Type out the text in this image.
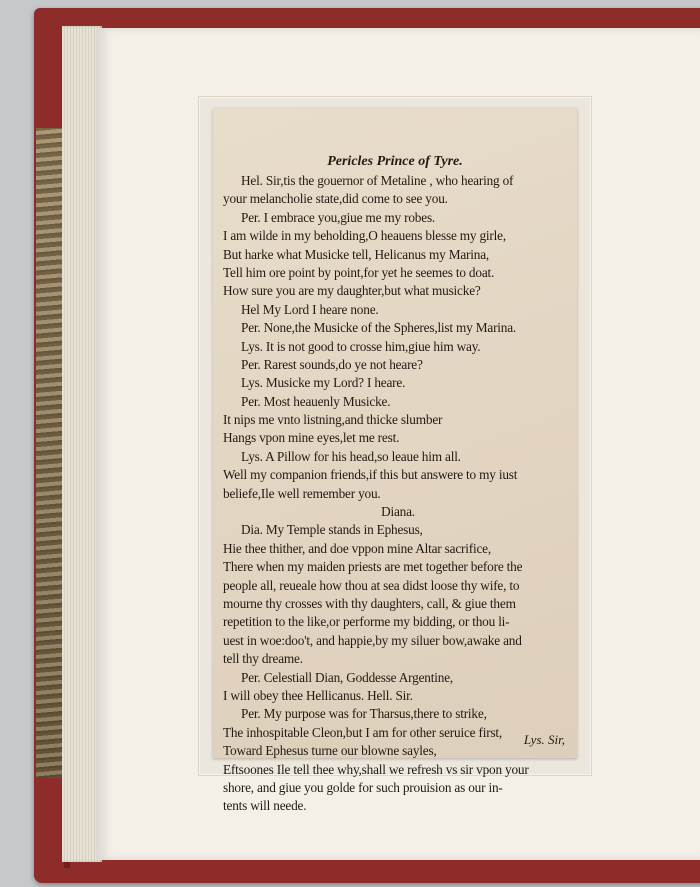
Pericles Prince of Tyre.
Hel. Sir,tis the gouernor of Metaline , who hearing of
your melancholie state,did come to see you.
Per. I embrace you,giue me my robes.
I am wilde in my beholding,O heauens blesse my girle,
But harke what Musicke tell, Helicanus my Marina,
Tell him ore point by point,for yet he seemes to doat.
How sure you are my daughter,but what musicke?
Hel My Lord I heare none.
Per. None,the Musicke of the Spheres,list my Marina.
Lys. It is not good to crosse him,giue him way.
Per. Rarest sounds,do ye not heare?
Lys. Musicke my Lord? I heare.
Per. Most heauenly Musicke.
It nips me vnto listning,and thicke slumber
Hangs vpon mine eyes,let me rest.
Lys. A Pillow for his head,so leaue him all.
Well my companion friends,if this but answere to my iust
beliefe,Ile well remember you.
Diana.
Dia. My Temple stands in Ephesus,
Hie thee thither, and doe vppon mine Altar sacrifice,
There when my maiden priests are met together before the
people all, reueale how thou at sea didst loose thy wife, to
mourne thy crosses with thy daughters, call, & giue them
repetition to the like,or performe my bidding, or thou li-
uest in woe:doo't, and happie,by my siluer bow,awake and
tell thy dreame.
Per. Celestiall Dian, Goddesse Argentine,
I will obey thee Hellicanus. Hell. Sir.
Per. My purpose was for Tharsus,there to strike,
The inhospitable Cleon,but I am for other seruice first,
Toward Ephesus turne our blowne sayles,
Eftsoones Ile tell thee why,shall we refresh vs sir vpon your
shore, and giue you golde for such prouision as our in-
tents will neede.
Lys. Sir,
